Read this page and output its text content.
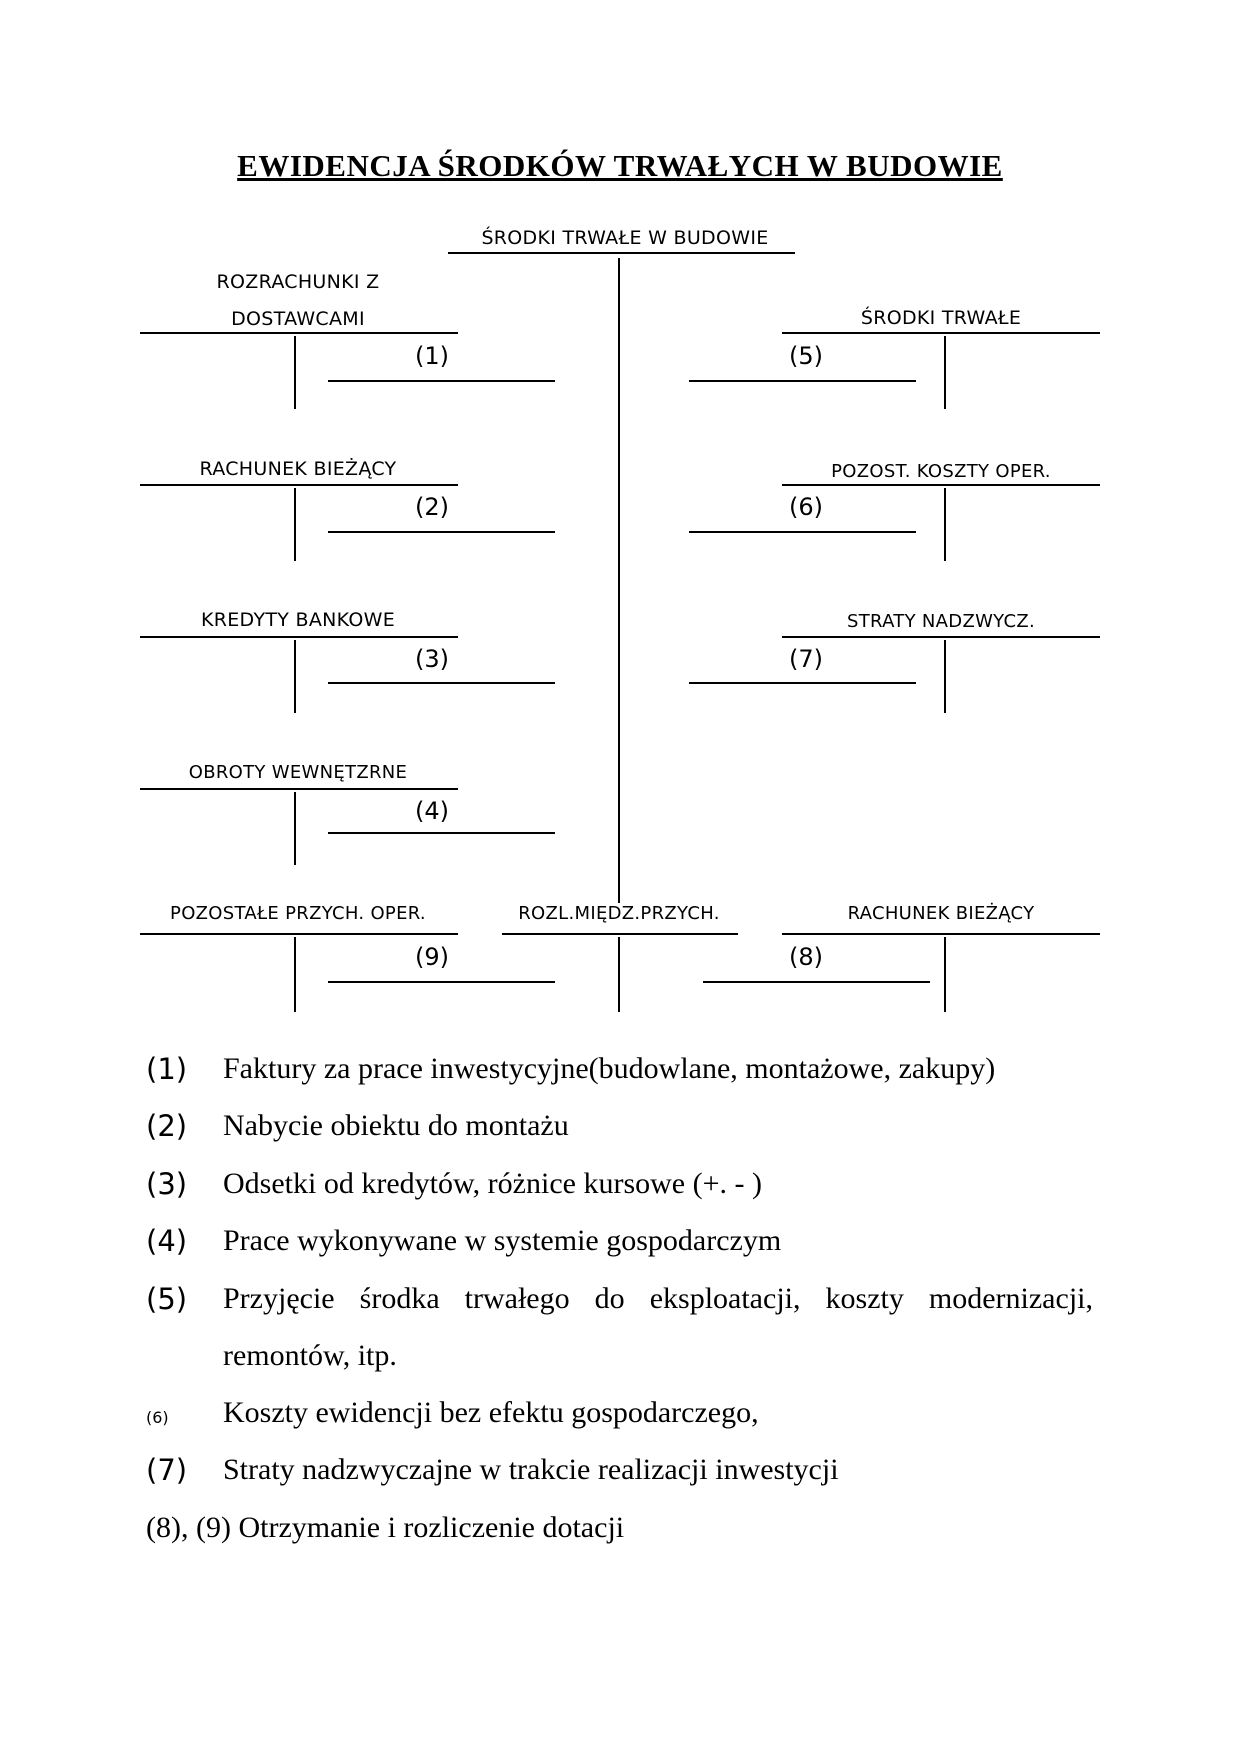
EWIDENCJA ŚRODKÓW TRWAŁYCH W BUDOWIE
ŚRODKI TRWAŁE W BUDOWIE
ROZRACHUNKI Z
DOSTAWCAMI
(1)
RACHUNEK BIEŻĄCY
(2)
KREDYTY BANKOWE
(3)
OBROTY WEWNĘTZRNE
(4)
ŚRODKI TRWAŁE
(5)
POZOST. KOSZTY OPER.
(6)
STRATY NADZWYCZ.
(7)
POZOSTAŁE PRZYCH. OPER.
(9)
ROZL.MIĘDZ.PRZYCH.	RACHUNEK BIEŻĄCY
(8)
(1) Faktury za prace inwestycyjne(budowlane, montażowe, zakupy)
(2) Nabycie obiektu do montażu
(3) Odsetki od kredytów, różnice kursowe (+. - )
(4) Prace wykonywane w systemie gospodarczym
(5) Przyjęcie środka trwałego do eksploatacji, koszty modernizacji,
remontów, itp.
(6) Koszty ewidencji bez efektu gospodarczego,
(7) Straty nadzwyczajne w trakcie realizacji inwestycji
(8), (9) Otrzymanie i rozliczenie dotacji
